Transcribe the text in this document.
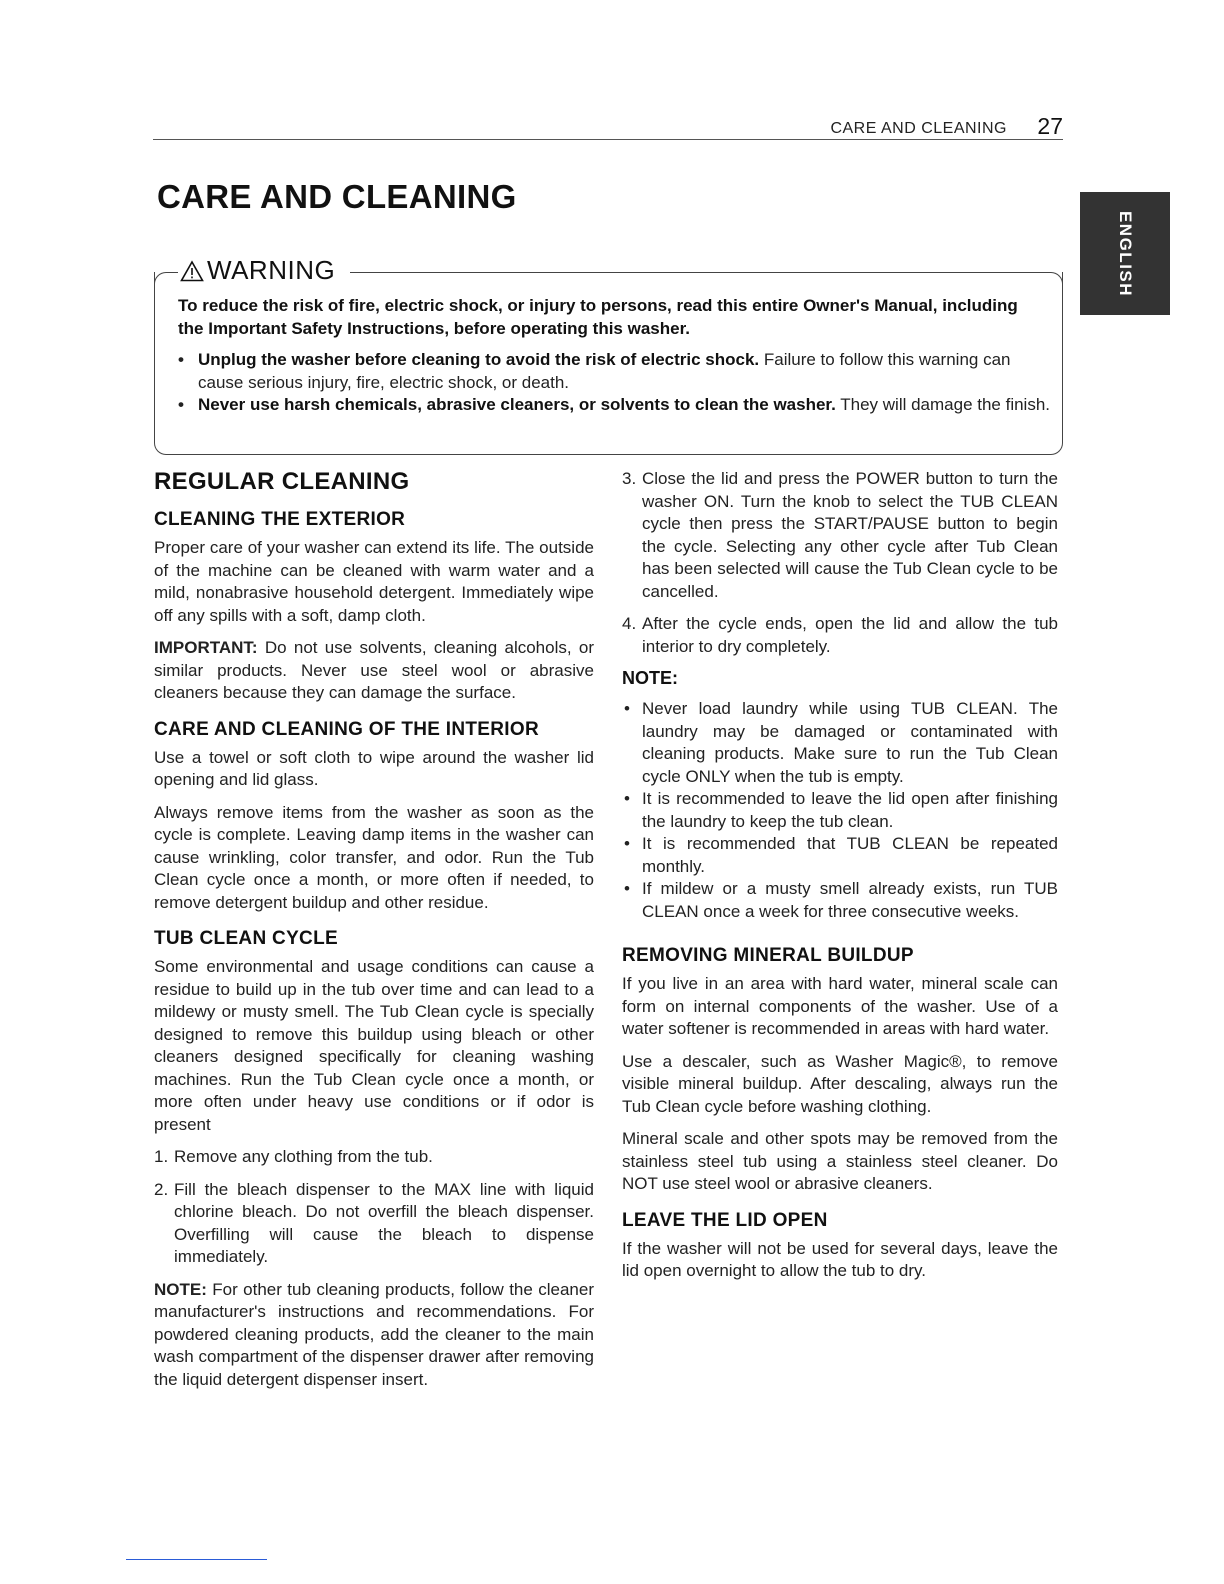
CARE AND CLEANING 27
ENGLISH
CARE AND CLEANING
WARNING
To reduce the risk of fire, electric shock, or injury to persons, read this entire Owner's Manual, including the Important Safety Instructions, before operating this washer.
• Unplug the washer before cleaning to avoid the risk of electric shock. Failure to follow this warning can cause serious injury, fire, electric shock, or death.
• Never use harsh chemicals, abrasive cleaners, or solvents to clean the washer. They will damage the finish.
REGULAR CLEANING
CLEANING THE EXTERIOR

Proper care of your washer can extend its life. The outside of the machine can be cleaned with warm water and a mild, nonabrasive household detergent. Immediately wipe off any spills with a soft, damp cloth.

IMPORTANT: Do not use solvents, cleaning alcohols, or similar products. Never use steel wool or abrasive cleaners because they can damage the surface.

CARE AND CLEANING OF THE INTERIOR

Use a towel or soft cloth to wipe around the washer lid opening and lid glass.

Always remove items from the washer as soon as the cycle is complete. Leaving damp items in the washer can cause wrinkling, color transfer, and odor. Run the Tub Clean cycle once a month, or more often if needed, to remove detergent buildup and other residue.

TUB CLEAN CYCLE

Some environmental and usage conditions can cause a residue to build up in the tub over time and can lead to a mildewy or musty smell. The Tub Clean cycle is specially designed to remove this buildup using bleach or other cleaners designed specifically for cleaning washing machines. Run the Tub Clean cycle once a month, or more often under heavy use conditions or if odor is present

1. Remove any clothing from the tub.
2. Fill the bleach dispenser to the MAX line with liquid chlorine bleach. Do not overfill the bleach dispenser. Overfilling will cause the bleach to dispense immediately.

NOTE: For other tub cleaning products, follow the cleaner manufacturer's instructions and recommendations. For powdered cleaning products, add the cleaner to the main wash compartment of the dispenser drawer after removing the liquid detergent dispenser insert.

3. Close the lid and press the POWER button to turn the washer ON. Turn the knob to select the TUB CLEAN cycle then press the START/PAUSE button to begin the cycle. Selecting any other cycle after Tub Clean has been selected will cause the Tub Clean cycle to be cancelled.
4. After the cycle ends, open the lid and allow the tub interior to dry completely.
NOTE:
• Never load laundry while using TUB CLEAN. The laundry may be damaged or contaminated with cleaning products. Make sure to run the Tub Clean cycle ONLY when the tub is empty.
• It is recommended to leave the lid open after finishing the laundry to keep the tub clean.
• It is recommended that TUB CLEAN be repeated monthly.
• If mildew or a musty smell already exists, run TUB CLEAN once a week for three consecutive weeks.
REMOVING MINERAL BUILDUP

If you live in an area with hard water, mineral scale can form on internal components of the washer. Use of a water softener is recommended in areas with hard water.

Use a descaler, such as Washer Magic®, to remove visible mineral buildup. After descaling, always run the Tub Clean cycle before washing clothing.

Mineral scale and other spots may be removed from the stainless steel tub using a stainless steel cleaner. Do NOT use steel wool or abrasive cleaners.

LEAVE THE LID OPEN

If the washer will not be used for several days, leave the lid open overnight to allow the tub to dry.
